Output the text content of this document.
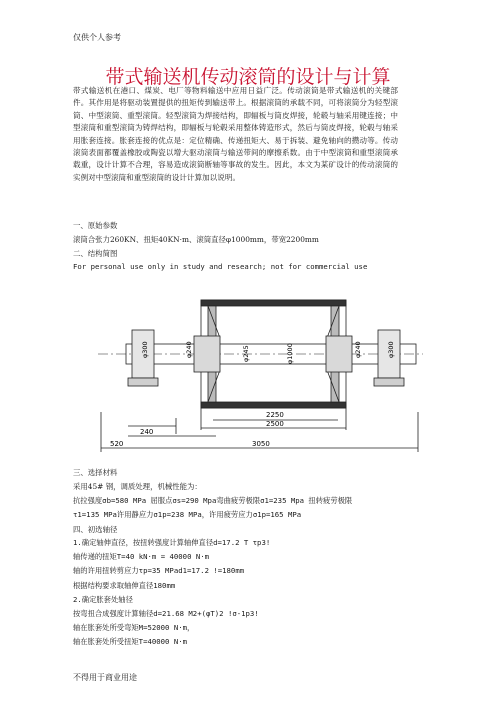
仅供个人参考
带式输送机传动滚筒的设计与计算
带式输送机在港口、煤炭、电厂等物料输送中应用日益广泛。传动滚筒是带式输送机的关键部件。其作用是将驱动装置提供的扭矩传到输送带上。根据滚筒的承载不同，可将滚筒分为轻型滚筒、中型滚筒、重型滚筒。轻型滚筒为焊接结构，即辐板与筒皮焊接，轮毂与轴采用键连接；中型滚筒和重型滚筒为铸焊结构，即辐板与轮毂采用整体铸造形式，然后与筒皮焊接，轮毂与轴采用胀套连接。胀套连接的优点是：定位精确、传递扭矩大、易于拆装、避免轴向的攒动等。传动滚筒表面都覆盖橡胶或陶瓷以增大驱动滚筒与输送带间的摩擦系数。由于中型滚筒和重型滚筒承载重，设计计算不合理，容易造成滚筒断轴等事故的发生。因此，本文为某矿设计的传动滚筒的实例对中型滚筒和重型滚筒的设计计算加以说明。
一、原始参数
滚筒合张力260KN、扭矩40KN·m、滚筒直径φ1000mm，带宽2200mm
二、结构简图
For personal use only in study and research; not for commercial use
φ300	φ240	φ245	φ1000	φ240	φ300
2250
2500
240
520	3050
三、选择材料
采用45# 钢，调质处理，机械性能为：
抗拉强度σb=580 MPa 屈服点σs=290 Mpa弯曲疲劳极限σ1=235 Mpa 扭转疲劳极限
τ1=135 MPa许用静应力σ1p=238 MPa，许用疲劳应力σ1p=165 MPa
四、初选轴径
1.确定轴伸直径，按扭转强度计算轴伸直径d=17.2 T τp3!
轴传递的扭矩T=40 kN·m = 40000 N·m
轴的许用扭转剪应力τp=35 MPad1=17.2 !=180mm
根据结构要求取轴伸直径180mm
2.确定胀套处轴径
按弯扭合成强度计算轴径d=21.68 M2+(φT)2 !σ-1p3!
轴在胀套处所受弯矩M=52000 N·m，
轴在胀套处所受扭矩T=40000 N·m
不得用于商业用途
